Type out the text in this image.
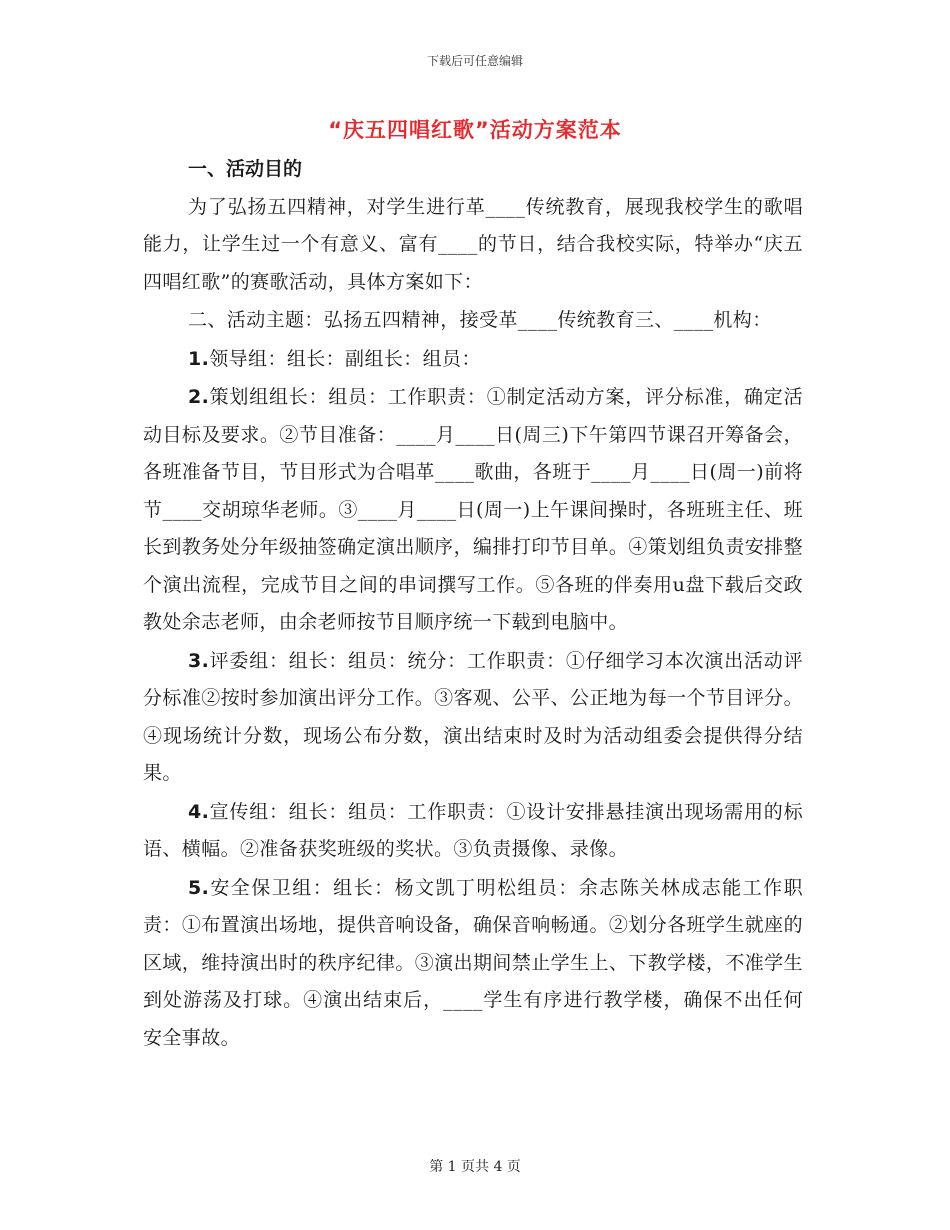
下载后可任意编辑
“庆五四唱红歌”活动方案范本

一、活动目的

为了弘扬五四精神，对学生进行革____传统教育，展现我校学生的歌唱能力，让学生过一个有意义、富有____的节日，结合我校实际，特举办“庆五四唱红歌”的赛歌活动，具体方案如下：

二、活动主题：弘扬五四精神，接受革____传统教育三、____机构：

1.领导组：组长：副组长：组员：

2.策划组组长：组员：工作职责：①制定活动方案，评分标准，确定活动目标及要求。②节目准备：____月____日(周三)下午第四节课召开筹备会，各班准备节目，节目形式为合唱革____歌曲，各班于____月____日(周一)前将节____交胡琼华老师。③____月____日(周一)上午课间操时，各班班主任、班长到教务处分年级抽签确定演出顺序，编排打印节目单。④策划组负责安排整个演出流程，完成节目之间的串词撰写工作。⑤各班的伴奏用u盘下载后交政教处余志老师，由余老师按节目顺序统一下载到电脑中。

3.评委组：组长：组员：统分：工作职责：①仔细学习本次演出活动评分标准②按时参加演出评分工作。③客观、公平、公正地为每一个节目评分。④现场统计分数，现场公布分数，演出结束时及时为活动组委会提供得分结果。

4.宣传组：组长：组员：工作职责：①设计安排悬挂演出现场需用的标语、横幅。②准备获奖班级的奖状。③负责摄像、录像。

5.安全保卫组：组长：杨文凯丁明松组员：余志陈关林成志能工作职责：①布置演出场地，提供音响设备，确保音响畅通。②划分各班学生就座的区域，维持演出时的秩序纪律。③演出期间禁止学生上、下教学楼，不准学生到处游荡及打球。④演出结束后，____学生有序进行教学楼，确保不出任何安全事故。

第 1 页共 4 页
